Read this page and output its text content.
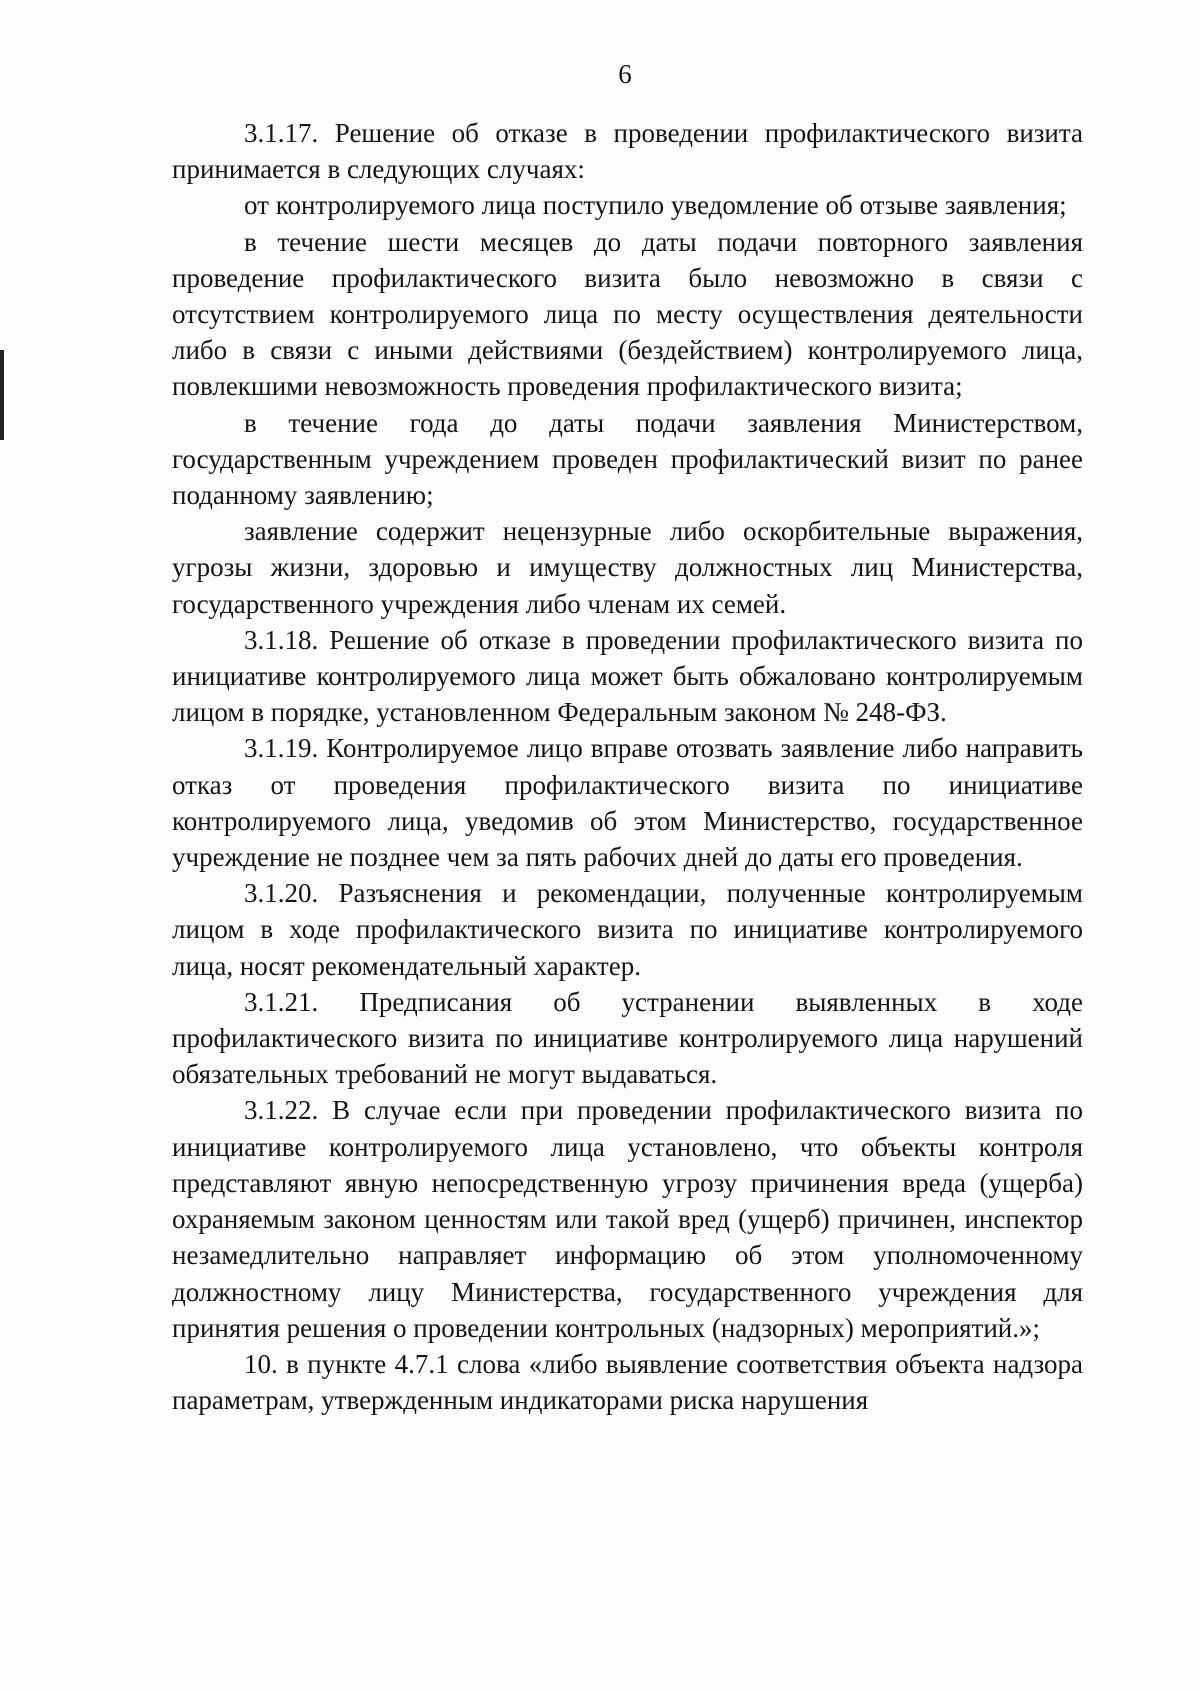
6

3.1.17. Решение об отказе в проведении профилактического визита принимается в следующих случаях:

от контролируемого лица поступило уведомление об отзыве заявления;

в течение шести месяцев до даты подачи повторного заявления проведение профилактического визита было невозможно в связи с отсутствием контролируемого лица по месту осуществления деятельности либо в связи с иными действиями (бездействием) контролируемого лица, повлекшими невозможность проведения профилактического визита;

в течение года до даты подачи заявления Министерством, государственным учреждением проведен профилактический визит по ранее поданному заявлению;

заявление содержит нецензурные либо оскорбительные выражения, угрозы жизни, здоровью и имуществу должностных лиц Министерства, государственного учреждения либо членам их семей.

3.1.18. Решение об отказе в проведении профилактического визита по инициативе контролируемого лица может быть обжаловано контролируемым лицом в порядке, установленном Федеральным законом № 248-ФЗ.

3.1.19. Контролируемое лицо вправе отозвать заявление либо направить отказ от проведения профилактического визита по инициативе контролируемого лица, уведомив об этом Министерство, государственное учреждение не позднее чем за пять рабочих дней до даты его проведения.

3.1.20. Разъяснения и рекомендации, полученные контролируемым лицом в ходе профилактического визита по инициативе контролируемого лица, носят рекомендательный характер.

3.1.21. Предписания об устранении выявленных в ходе профилактического визита по инициативе контролируемого лица нарушений обязательных требований не могут выдаваться.

3.1.22. В случае если при проведении профилактического визита по инициативе контролируемого лица установлено, что объекты контроля представляют явную непосредственную угрозу причинения вреда (ущерба) охраняемым законом ценностям или такой вред (ущерб) причинен, инспектор незамедлительно направляет информацию об этом уполномоченному должностному лицу Министерства, государственного учреждения для принятия решения о проведении контрольных (надзорных) мероприятий.»;

10. в пункте 4.7.1 слова «либо выявление соответствия объекта надзора параметрам, утвержденным индикаторами риска нарушения
